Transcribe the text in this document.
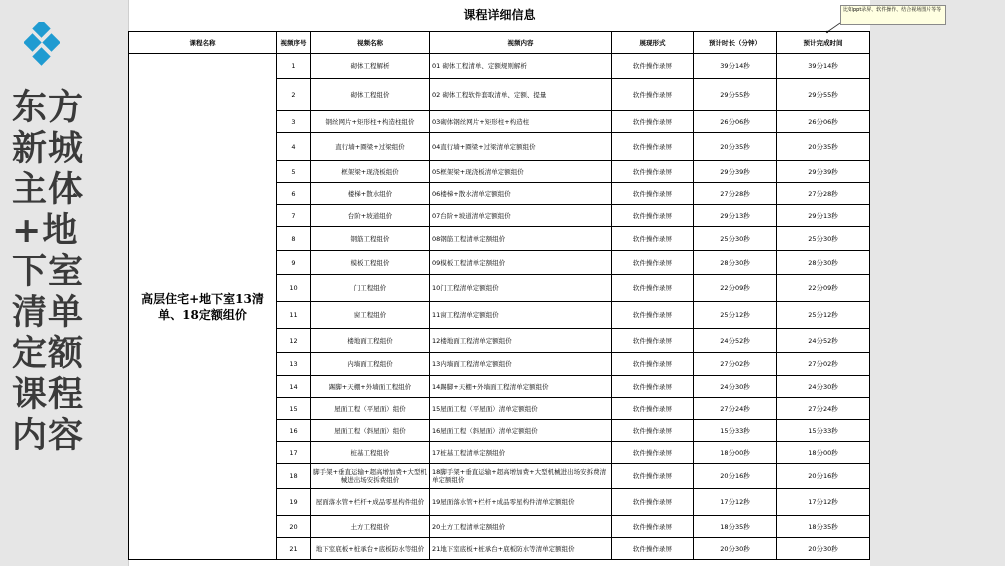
东方新城主体+地下室清单定额课程内容
课程详细信息	比如ppt录屏、软件操作、结合视场图片等等
课程名称	视频序号	视频名称	视频内容	展现形式	预计时长（分钟）	预计完成时间
高层住宅+地下室13清单、18定额组价	1	砌体工程解析	01 砌体工程清单、定额规则解析	软件操作录屏	39分14秒	39分14秒
	2	砌体工程组价	02 砌体工程软件套取清单、定额、提量	软件操作录屏	29分55秒	29分55秒
	3	钢丝网片+矩形柱+构造柱组价	03砌体钢丝网片+矩形柱+构造柱	软件操作录屏	26分06秒	26分06秒
	4	直行墙+圈梁+过梁组价	04直行墙+圈梁+过梁清单定额组价	软件操作录屏	20分35秒	20分35秒
	5	框架梁+现浇板组价	05框架梁+现浇板清单定额组价	软件操作录屏	29分39秒	29分39秒
	6	楼梯+散水组价	06楼梯+散水清单定额组价	软件操作录屏	27分28秒	27分28秒
	7	台阶+坡道组价	07台阶+坡道清单定额组价	软件操作录屏	29分13秒	29分13秒
	8	钢筋工程组价	08钢筋工程清单定额组价	软件操作录屏	25分30秒	25分30秒
	9	模板工程组价	09模板工程清单定额组价	软件操作录屏	28分30秒	28分30秒
	10	门工程组价	10门工程清单定额组价	软件操作录屏	22分09秒	22分09秒
	11	窗工程组价	11窗工程清单定额组价	软件操作录屏	25分12秒	25分12秒
	12	楼地面工程组价	12楼地面工程清单定额组价	软件操作录屏	24分52秒	24分52秒
	13	内墙面工程组价	13内墙面工程清单定额组价	软件操作录屏	27分02秒	27分02秒
	14	踢脚+天棚+外墙面工程组价	14踢脚+天棚+外墙面工程清单定额组价	软件操作录屏	24分30秒	24分30秒
	15	屋面工程（平屋面）组价	15屋面工程（平屋面）清单定额组价	软件操作录屏	27分24秒	27分24秒
	16	屋面工程（斜屋面）组价	16屋面工程（斜屋面）清单定额组价	软件操作录屏	15分33秒	15分33秒
	17	桩基工程组价	17桩基工程清单定额组价	软件操作录屏	18分00秒	18分00秒
	18	脚手架+垂直运输+超高增加费+大型机械进出场安拆费组价	18脚手架+垂直运输+超高增加费+大型机械进出场安拆费清单定额组价	软件操作录屏	20分16秒	20分16秒
	19	屋面落水管+栏杆+成品零星构件组价	19屋面落水管+栏杆+成品零星构件清单定额组价	软件操作录屏	17分12秒	17分12秒
	20	土方工程组价	20土方工程清单定额组价	软件操作录屏	18分35秒	18分35秒
	21	地下室底板+桩承台+底板防水等组价	21地下室底板+桩承台+底板防水等清单定额组价	软件操作录屏	20分30秒	20分30秒
